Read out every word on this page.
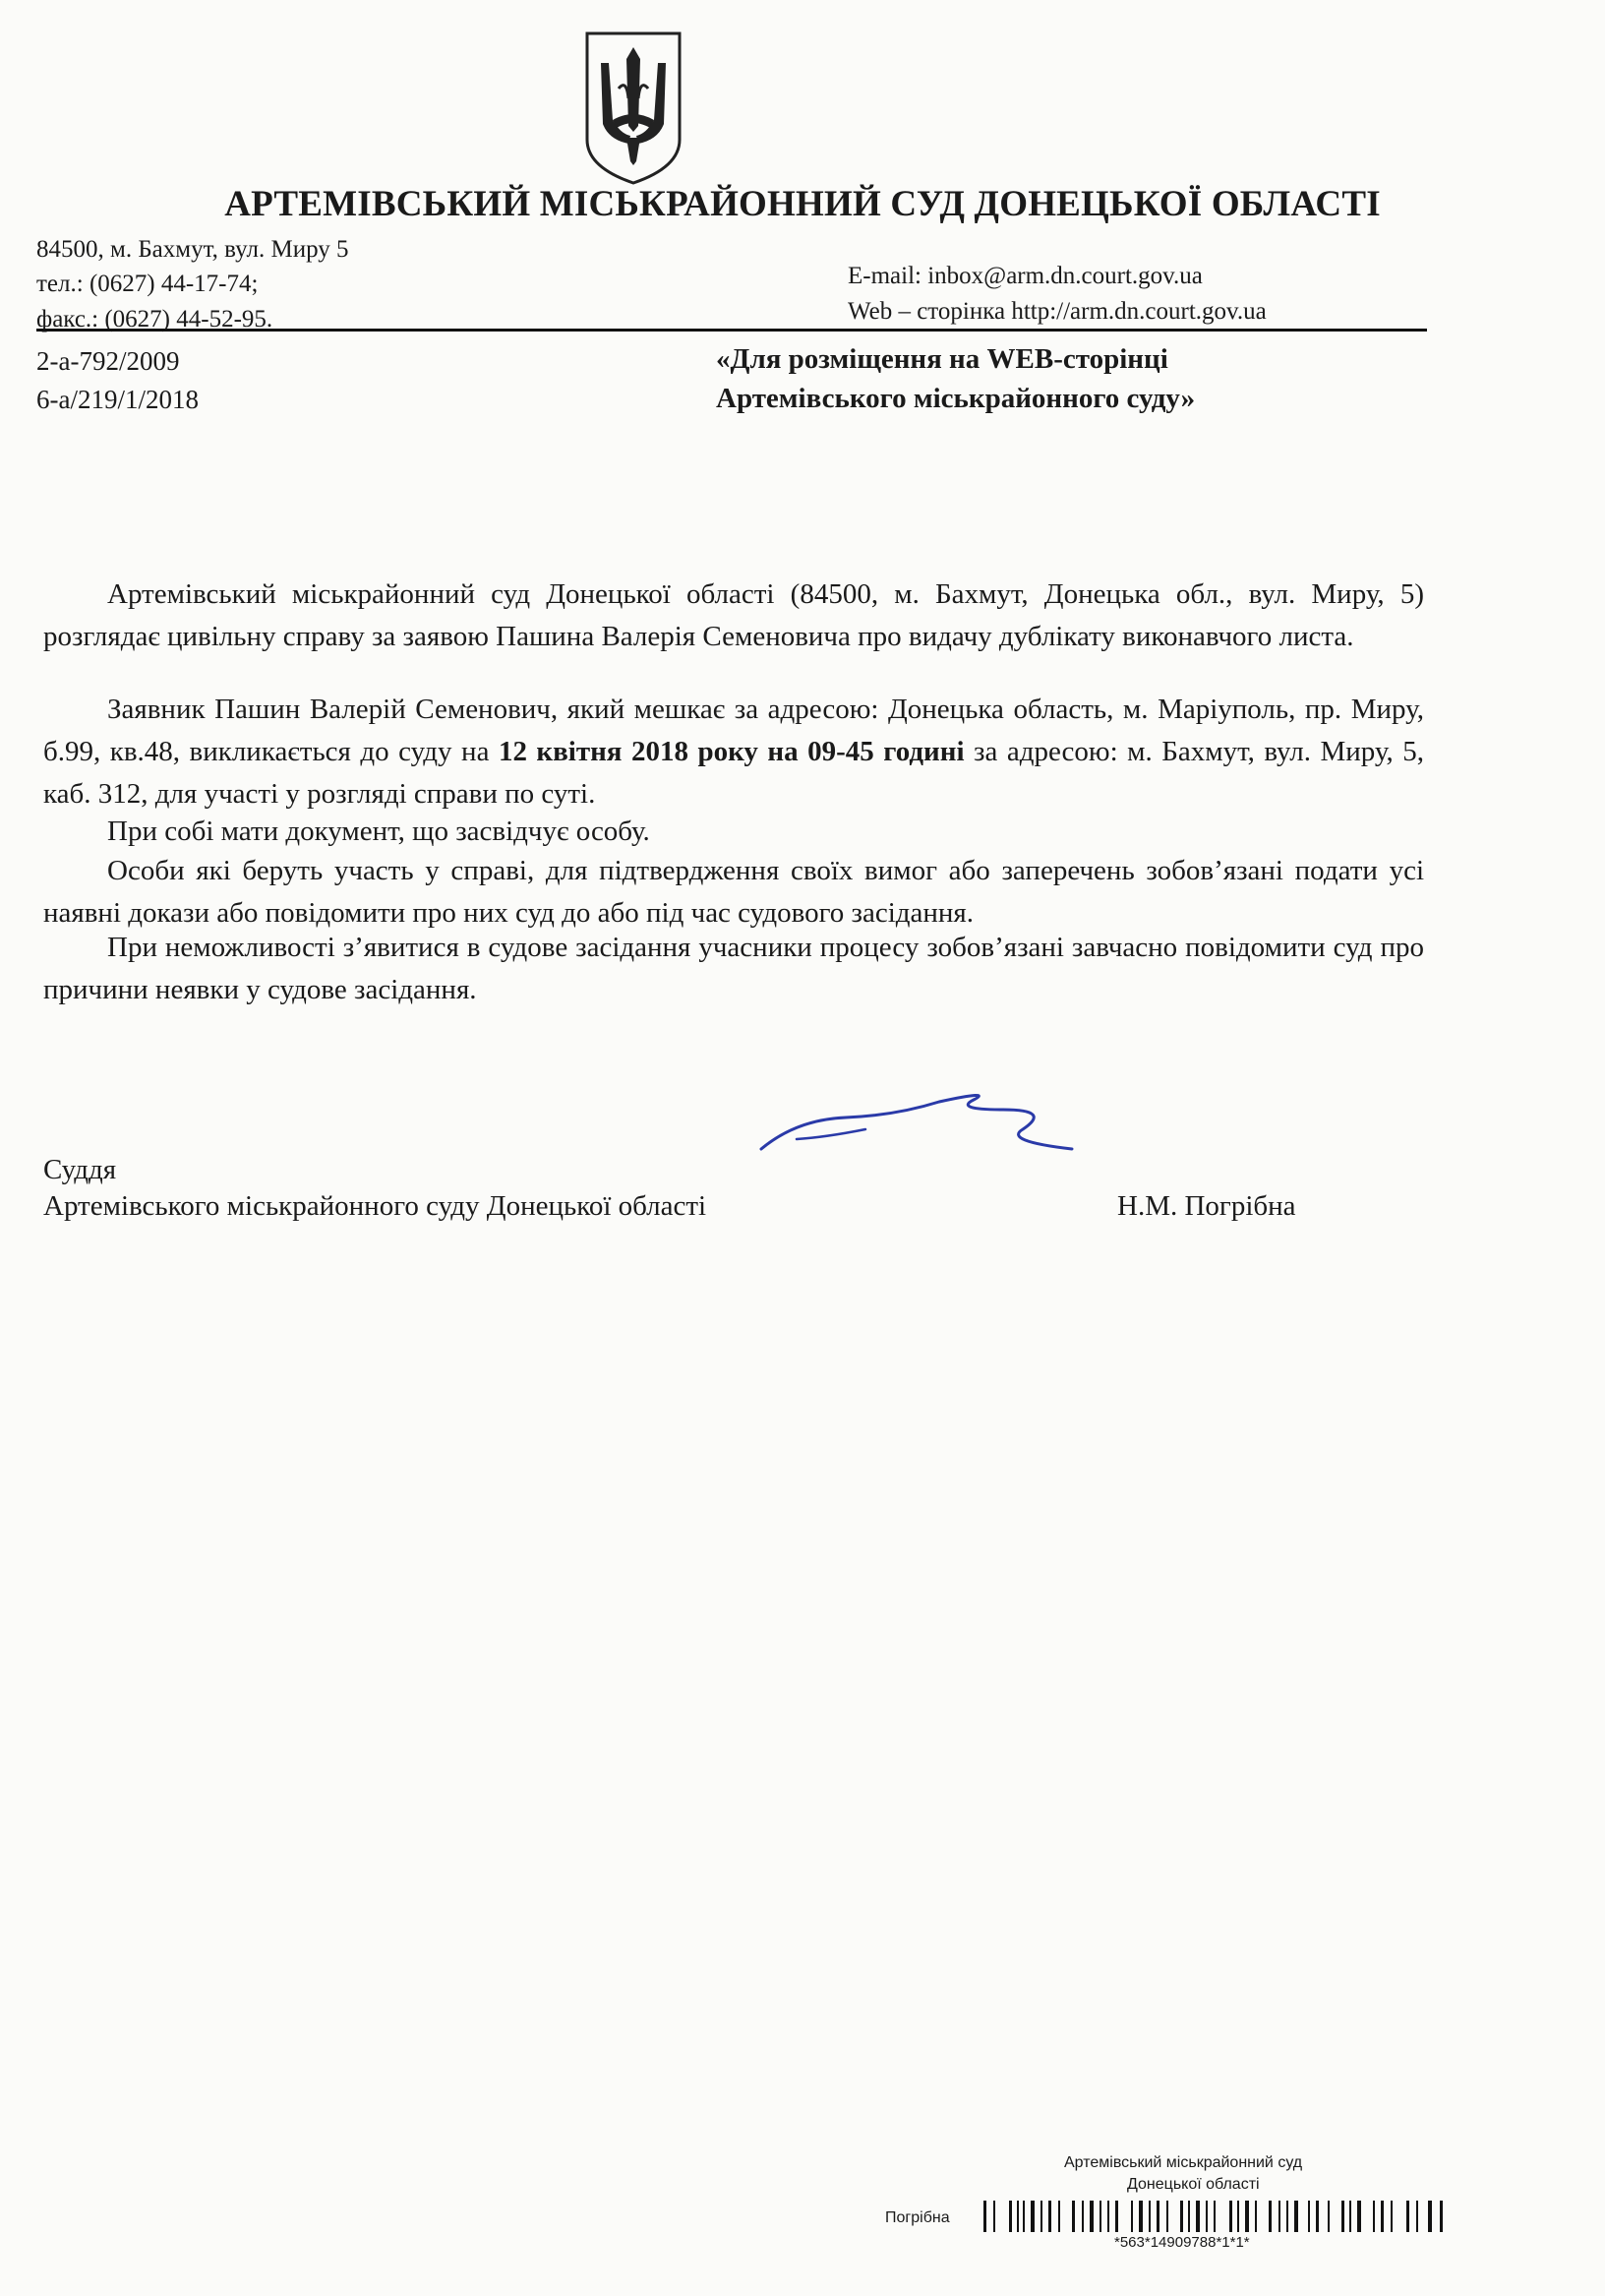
АРТЕМІВСЬКИЙ МІСЬКРАЙОННИЙ СУД ДОНЕЦЬКОЇ ОБЛАСТІ
84500, м. Бахмут, вул. Миру 5
тел.: (0627) 44-17-74;
факс.: (0627) 44-52-95.
E-mail: inbox@arm.dn.court.gov.ua
Web – сторінка http://arm.dn.court.gov.ua
2-а-792/2009
6-а/219/1/2018
«Для розміщення на WEB-сторінці
Артемівського міськрайонного суду»

Артемівський міськрайонний суд Донецької області (84500, м. Бахмут, Донецька обл., вул. Миру, 5) розглядає цивільну справу за заявою Пашина Валерія Семеновича про видачу дублікату виконавчого листа.

Заявник Пашин Валерій Семенович, який мешкає за адресою: Донецька область, м. Маріуполь, пр. Миру, б.99, кв.48, викликається до суду на 12 квітня 2018 року на 09-45 годині за адресою: м. Бахмут, вул. Миру, 5, каб. 312, для участі у розгляді справи по суті.

При собі мати документ, що засвідчує особу.

Особи які беруть участь у справі, для підтвердження своїх вимог або заперечень зобов’язані подати усі наявні докази або повідомити про них суд до або під час судового засідання.

При неможливості з’явитися в судове засідання учасники процесу зобов’язані завчасно повідомити суд про причини неявки у судове засідання.

Суддя
Артемівського міськрайонного суду Донецької області	Н.М. Погрібна
Артемівський міськрайонний суд
Донецької області
Погрібна
*563*14909788*1*1*
